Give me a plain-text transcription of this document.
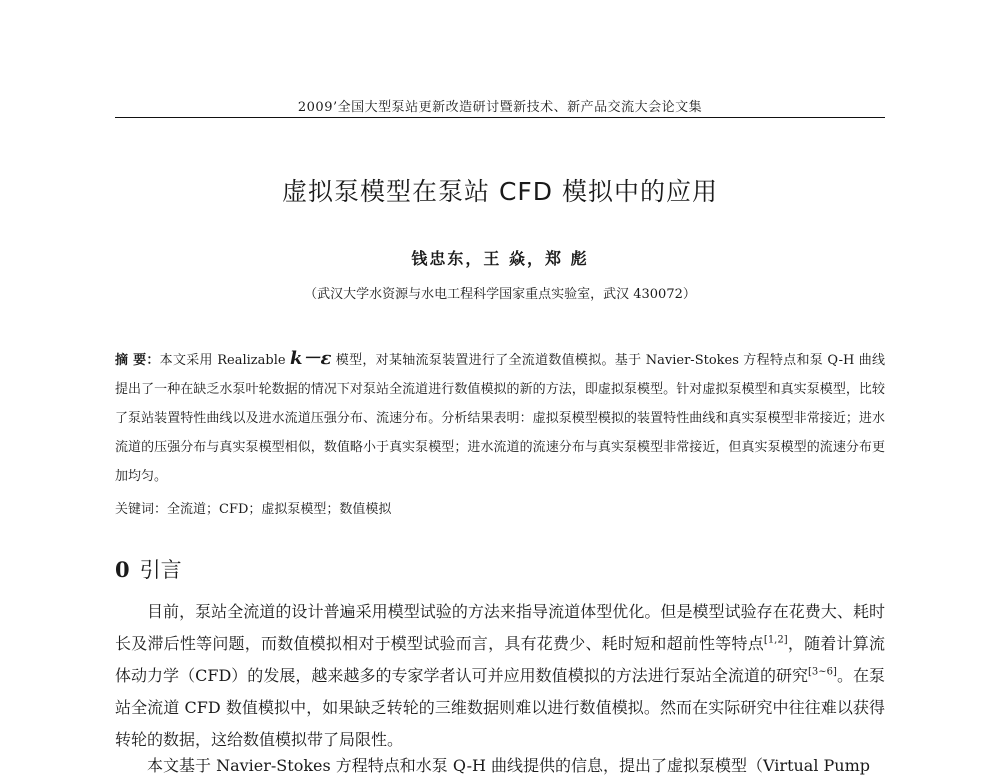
2009’全国大型泵站更新改造研讨暨新技术、新产品交流大会论文集
虚拟泵模型在泵站 CFD 模拟中的应用
钱忠东，王 焱，郑 彪
（武汉大学水资源与水电工程科学国家重点实验室，武汉 430072）
摘 要：本文采用 Realizable k－ε 模型，对某轴流泵装置进行了全流道数值模拟。基于 Navier-Stokes 方程特点和泵 Q-H 曲线提出了一种在缺乏水泵叶轮数据的情况下对泵站全流道进行数值模拟的新的方法，即虚拟泵模型。针对虚拟泵模型和真实泵模型，比较了泵站装置特性曲线以及进水流道压强分布、流速分布。分析结果表明：虚拟泵模型模拟的装置特性曲线和真实泵模型非常接近；进水流道的压强分布与真实泵模型相似，数值略小于真实泵模型；进水流道的流速分布与真实泵模型非常接近，但真实泵模型的流速分布更加均匀。
关键词：全流道；CFD；虚拟泵模型；数值模拟
0 引言
目前，泵站全流道的设计普遍采用模型试验的方法来指导流道体型优化。但是模型试验存在花费大、耗时长及滞后性等问题，而数值模拟相对于模型试验而言，具有花费少、耗时短和超前性等特点[1,2]，随着计算流体动力学（CFD）的发展，越来越多的专家学者认可并应用数值模拟的方法进行泵站全流道的研究[3~6]。在泵站全流道 CFD 数值模拟中，如果缺乏转轮的三维数据则难以进行数值模拟。然而在实际研究中往往难以获得转轮的数据，这给数值模拟带了局限性。
本文基于 Navier-Stokes 方程特点和水泵 Q-H 曲线提供的信息，提出了虚拟泵模型（Virtual Pump
